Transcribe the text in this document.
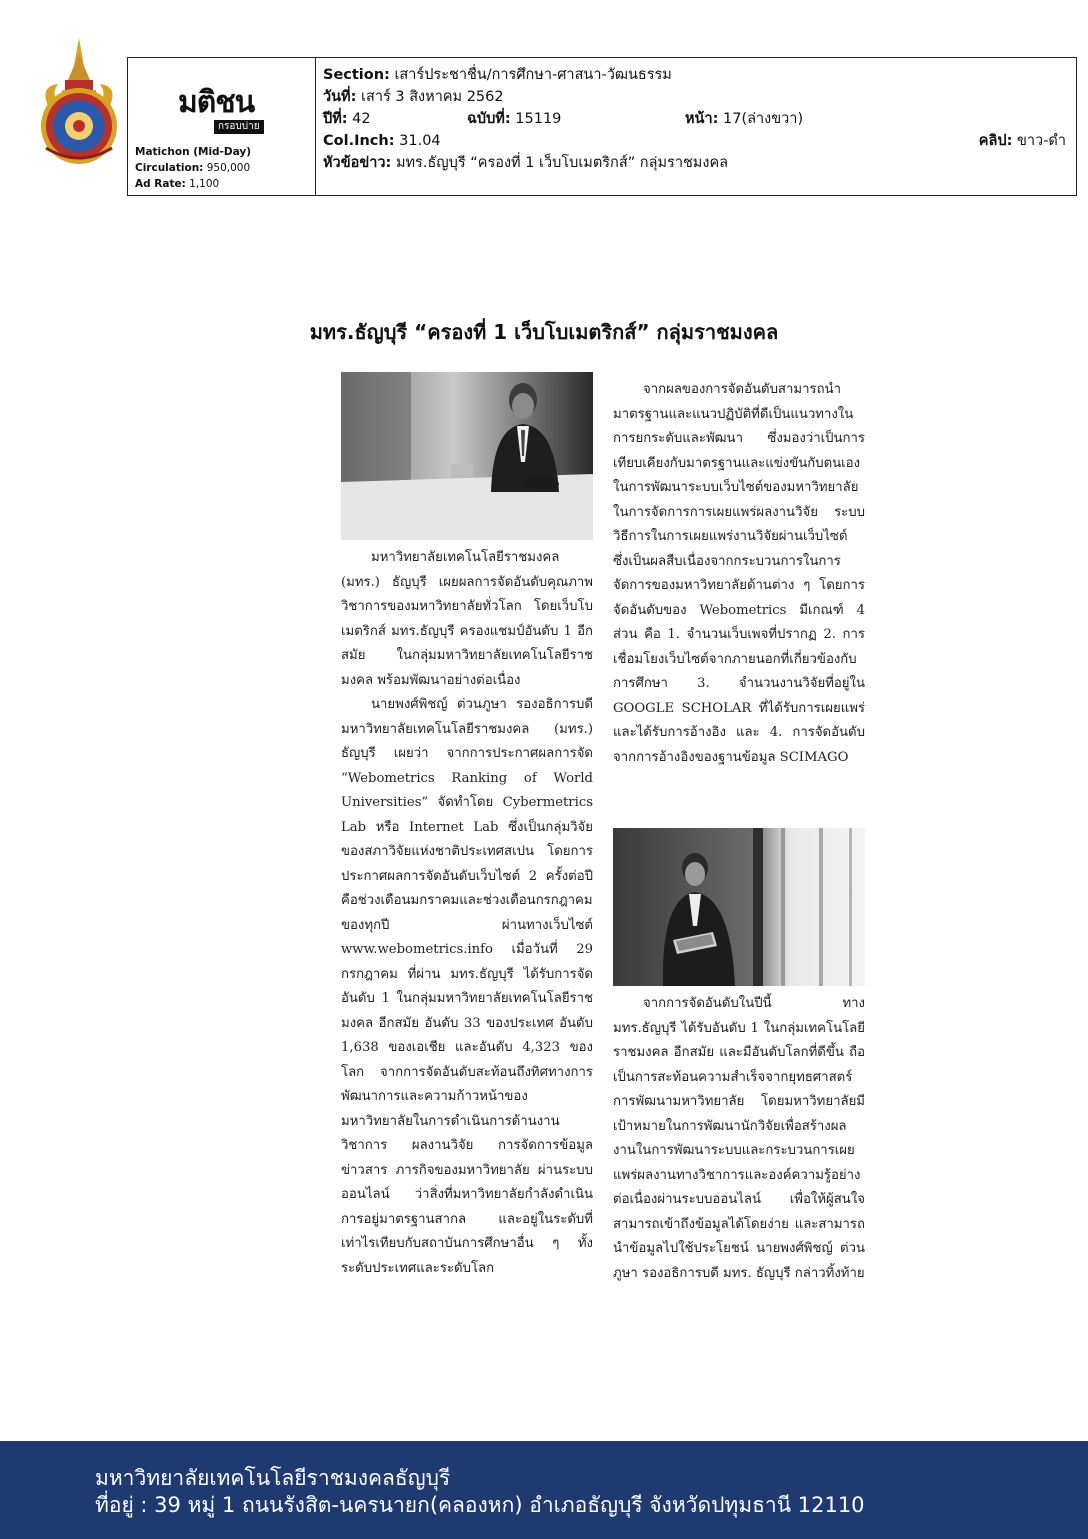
มติชน
กรอบบ่าย
Matichon (Mid-Day)
Circulation: 950,000
Ad Rate: 1,100
Section: เสาร์ประชาชื่น/การศึกษา-ศาสนา-วัฒนธรรม
วันที่: เสาร์ 3 สิงหาคม 2562
ปีที่: 42	ฉบับที่: 15119	หน้า: 17(ล่างขวา)
Col.Inch: 31.04	คลิป: ขาว-ดำ
หัวข้อข่าว: มทร.ธัญบุรี “ครองที่ 1 เว็บโบเมตริกส์” กลุ่มราชมงคล
มทร.ธัญบุรี “ครองที่ 1 เว็บโบเมตริกส์” กลุ่มราชมงคล

มหาวิทยาลัยเทคโนโลยีราชมงคล (มทร.) ธัญบุรี เผยผลการจัดอันดับคุณภาพวิชาการของมหาวิทยาลัยทั่วโลก โดยเว็บโบเมตริกส์ มทร.ธัญบุรี ครองแชมป์อันดับ 1 อีกสมัย ในกลุ่มมหาวิทยาลัยเทคโนโลยีราชมงคล พร้อมพัฒนาอย่างต่อเนื่อง

นายพงศ์พิชญ์ ต่วนภูษา รองอธิการบดีมหาวิทยาลัยเทคโนโลยีราชมงคล (มทร.) ธัญบุรี เผยว่า จากการประกาศผลการจัด “Webometrics Ranking of World Universities” จัดทำโดย Cybermetrics Lab หรือ Internet Lab ซึ่งเป็นกลุ่มวิจัยของสภาวิจัยแห่งชาติประเทศสเปน โดยการประกาศผลการจัดอันดับเว็บไซต์ 2 ครั้งต่อปี คือช่วงเดือนมกราคมและช่วงเดือนกรกฎาคม ของทุกปี ผ่านทางเว็บไซต์ www.webometrics.info เมื่อวันที่ 29 กรกฎาคม ที่ผ่าน มทร.ธัญบุรี ได้รับการจัดอันดับ 1 ในกลุ่มมหาวิทยาลัยเทคโนโลยีราชมงคล อีกสมัย อันดับ 33 ของประเทศ อันดับ 1,638 ของเอเชีย และอันดับ 4,323 ของโลก จากการจัดอันดับสะท้อนถึงทิศทางการพัฒนาการและความก้าวหน้าของมหาวิทยาลัยในการดำเนินการด้านงานวิชาการ ผลงานวิจัย การจัดการข้อมูลข่าวสาร ภารกิจของมหาวิทยาลัย ผ่านระบบออนไลน์ ว่าสิ่งที่มหาวิทยาลัยกำลังดำเนินการอยู่มาตรฐานสากล และอยู่ในระดับที่เท่าไรเทียบกับสถาบันการศึกษาอื่น ๆ ทั้งระดับประเทศและระดับโลก

จากผลของการจัดอันดับสามารถนำมาตรฐานและแนวปฏิบัติที่ดีเป็นแนวทางในการยกระดับและพัฒนา ซึ่งมองว่าเป็นการเทียบเคียงกับมาตรฐานและแข่งขันกับตนเอง ในการพัฒนาระบบเว็บไซต์ของมหาวิทยาลัยในการจัดการการเผยแพร่ผลงานวิจัย ระบบวิธีการในการเผยแพร่งานวิจัยผ่านเว็บไซต์ ซึ่งเป็นผลสืบเนื่องจากกระบวนการในการจัดการของมหาวิทยาลัยด้านต่าง ๆ โดยการจัดอันดับของ Webometrics มีเกณฑ์ 4 ส่วน คือ 1. จำนวนเว็บเพจที่ปรากฏ 2. การเชื่อมโยงเว็บไซต์จากภายนอกที่เกี่ยวข้องกับการศึกษา 3. จำนวนงานวิจัยที่อยู่ใน GOOGLE SCHOLAR ที่ได้รับการเผยแพร่และได้รับการอ้างอิง และ 4. การจัดอันดับจากการอ้างอิงของฐานข้อมูล SCIMAGO

จากการจัดอันดับในปีนี้ ทาง มทร.ธัญบุรี ได้รับอันดับ 1 ในกลุ่มเทคโนโลยีราชมงคล อีกสมัย และมีอันดับโลกที่ดีขึ้น ถือเป็นการสะท้อนความสำเร็จจากยุทธศาสตร์การพัฒนามหาวิทยาลัย โดยมหาวิทยาลัยมีเป้าหมายในการพัฒนานักวิจัยเพื่อสร้างผลงานในการพัฒนาระบบและกระบวนการเผยแพร่ผลงานทางวิชาการและองค์ความรู้อย่างต่อเนื่องผ่านระบบออนไลน์ เพื่อให้ผู้สนใจสามารถเข้าถึงข้อมูลได้โดยง่าย และสามารถนำข้อมูลไปใช้ประโยชน์ นายพงศ์พิชญ์ ต่วนภูษา รองอธิการบดี มทร. ธัญบุรี กล่าวทิ้งท้าย

มหาวิทยาลัยเทคโนโลยีราชมงคลธัญบุรี
ที่อยู่ : 39 หมู่ 1 ถนนรังสิต-นครนายก(คลองหก) อำเภอธัญบุรี จังหวัดปทุมธานี 12110
